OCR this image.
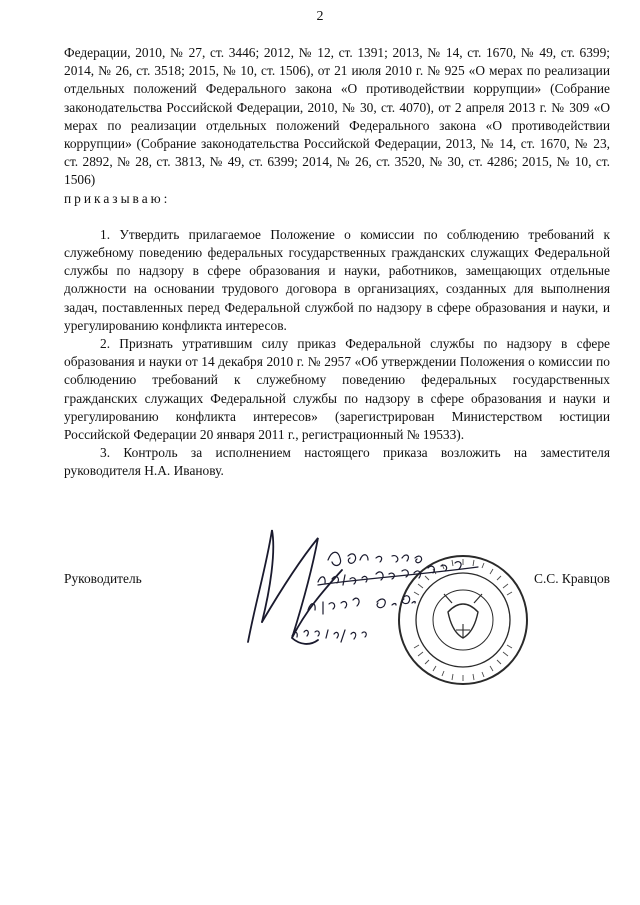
2

Федерации, 2010, № 27, ст. 3446; 2012, № 12, ст. 1391; 2013, № 14, ст. 1670, № 49, ст. 6399; 2014, № 26, ст. 3518; 2015, № 10, ст. 1506), от 21 июля 2010 г. № 925 «О мерах по реализации отдельных положений Федерального закона «О противодействии коррупции» (Собрание законодательства Российской Федерации, 2010, № 30, ст. 4070), от 2 апреля 2013 г. № 309 «О мерах по реализации отдельных положений Федерального закона «О противодействии коррупции» (Собрание законодательства Российской Федерации, 2013, № 14, ст. 1670, № 23, ст. 2892, № 28, ст. 3813, № 49, ст. 6399; 2014, № 26, ст. 3520, № 30, ст. 4286; 2015, № 10, ст. 1506)
приказываю:

1. Утвердить прилагаемое Положение о комиссии по соблюдению требований к служебному поведению федеральных государственных гражданских служащих Федеральной службы по надзору в сфере образования и науки, работников, замещающих отдельные должности на основании трудового договора в организациях, созданных для выполнения задач, поставленных перед Федеральной службой по надзору в сфере образования и науки, и урегулированию конфликта интересов.

2. Признать утратившим силу приказ Федеральной службы по надзору в сфере образования и науки от 14 декабря 2010 г. № 2957 «Об утверждении Положения о комиссии по соблюдению требований к служебному поведению федеральных государственных гражданских служащих Федеральной службы по надзору в сфере образования и науки и урегулированию конфликта интересов» (зарегистрирован Министерством юстиции Российской Федерации 20 января 2011 г., регистрационный № 19533).

3. Контроль за исполнением настоящего приказа возложить на заместителя руководителя Н.А. Иванову.

Руководитель	С.С. Кравцов
